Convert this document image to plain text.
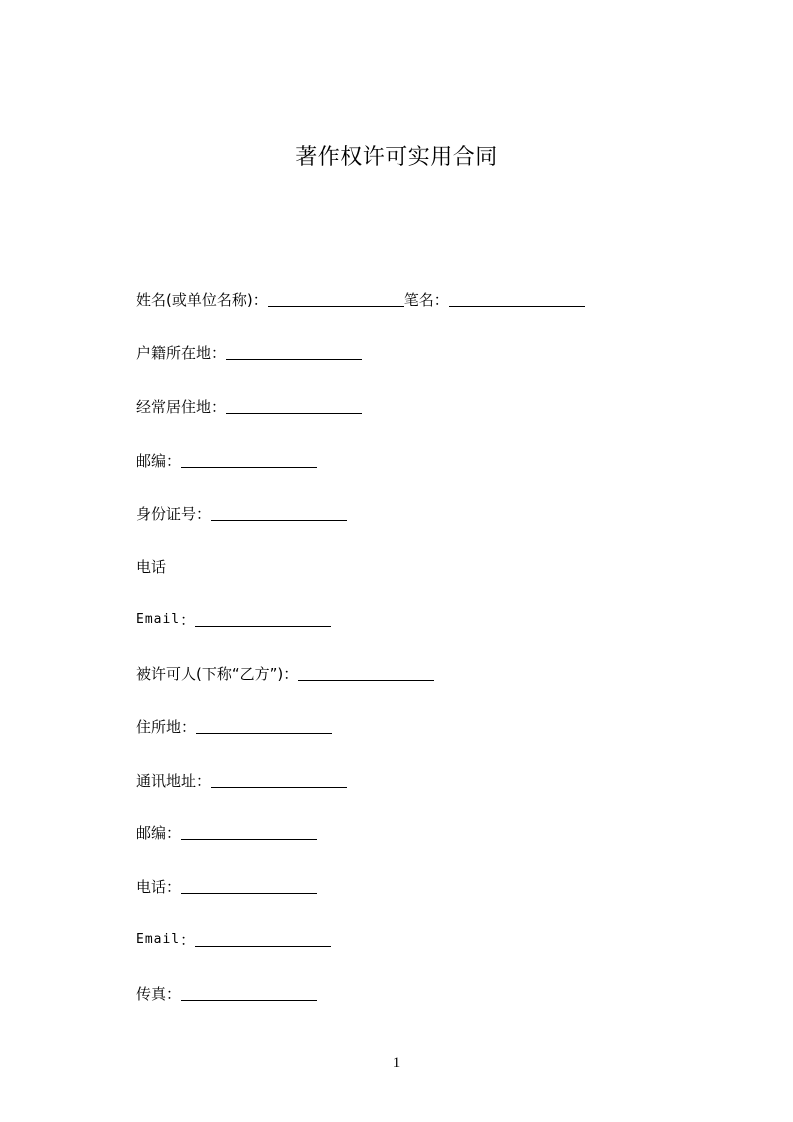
著作权许可实用合同
姓名(或单位名称)：	笔名：
户籍所在地：
经常居住地：
邮编：
身份证号：
电话
Email ：
被许可人(下称“乙方”)：
住所地：
通讯地址：
邮编：
电话：
Email ：
传真：
1
